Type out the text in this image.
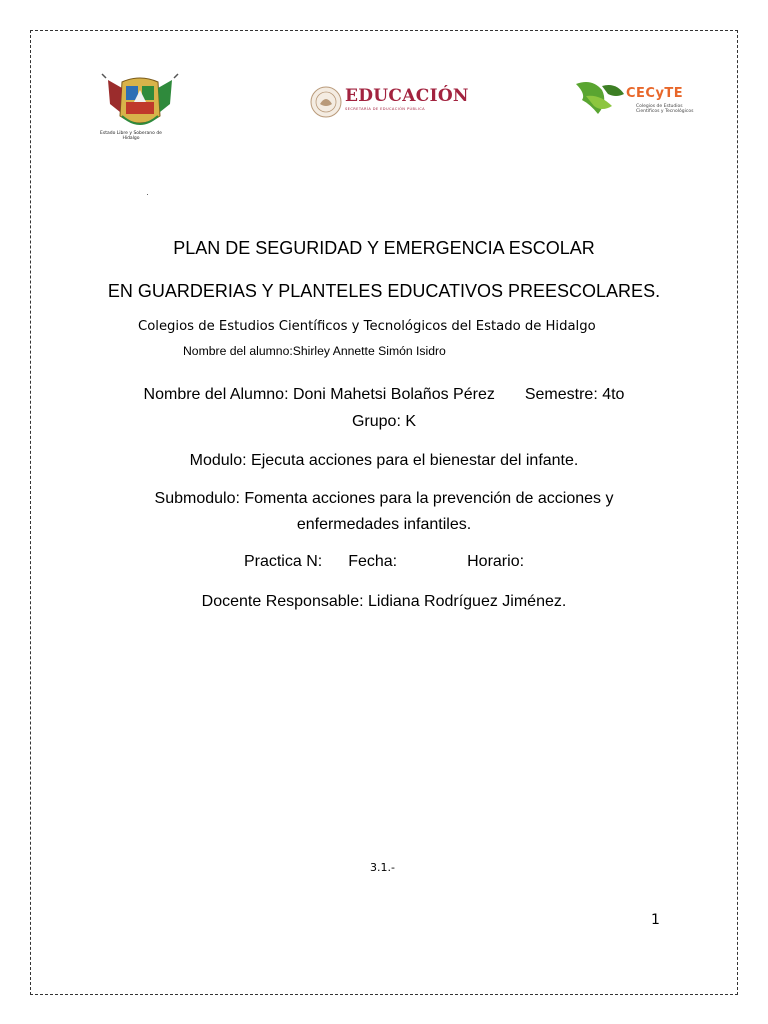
Estado Libre y Soberano de Hidalgo
EDUCACIÓN
SECRETARÍA DE EDUCACIÓN PÚBLICA
CECyTE
Colegios de Estudios Científicos y Tecnológicos
PLAN DE SEGURIDAD Y EMERGENCIA ESCOLAR
EN GUARDERIAS Y PLANTELES EDUCATIVOS PREESCOLARES.
Colegios de Estudios Científicos y Tecnológicos del Estado de Hidalgo
Nombre del alumno:Shirley Annette Simón Isidro
Nombre del Alumno: Doni Mahetsi Bolaños Pérez Semestre: 4to
Grupo: K
Modulo: Ejecuta acciones para el bienestar del infante.
Submodulo: Fomenta acciones para la prevención de acciones y
enfermedades infantiles.
Practica N: Fecha:	Horario:
Docente Responsable: Lidiana Rodríguez Jiménez.
3.1.-
1
